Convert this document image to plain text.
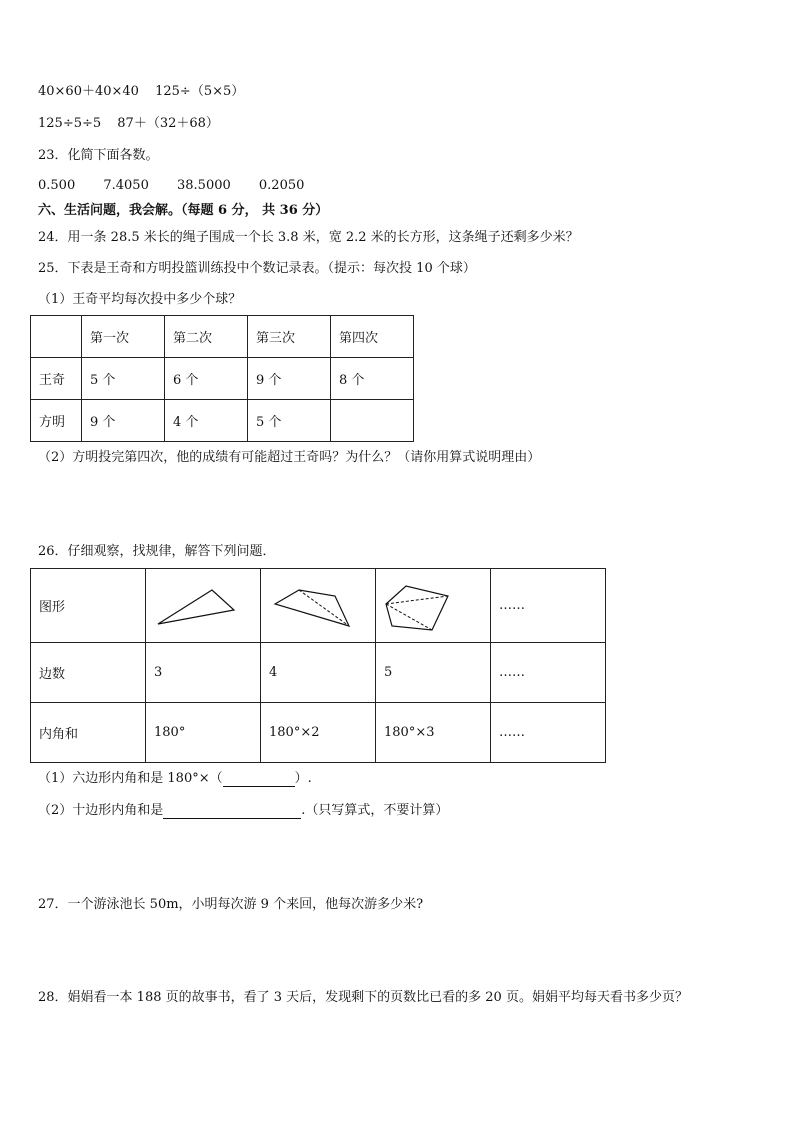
40×60＋40×40 125÷（5×5）
125÷5÷5 87＋（32＋68）
23．化简下面各数。
0.500 7.4050 38.5000 0.2050
六、生活问题，我会解。（每题 6 分， 共 36 分）
24．用一条 28.5 米长的绳子围成一个长 3.8 米，宽 2.2 米的长方形，这条绳子还剩多少米？
25．下表是王奇和方明投篮训练投中个数记录表。（提示：每次投 10 个球）
（1）王奇平均每次投中多少个球？
	第一次	第二次	第三次	第四次
王奇	5 个	6 个	9 个	8 个
方明	9 个	4 个	5 个	
（2）方明投完第四次，他的成绩有可能超过王奇吗？为什么？（请你用算式说明理由）
26．仔细观察，找规律，解答下列问题．
图形				……
边数	3	4	5	……
内角和	180°	180°×2	180°×3	……
（1）六边形内角和是 180°×（	）.
（2）十边形内角和是	.（只写算式，不要计算）
27．一个游泳池长 50m，小明每次游 9 个来回，他每次游多少米?
28．娟娟看一本 188 页的故事书，看了 3 天后，发现剩下的页数比已看的多 20 页。娟娟平均每天看书多少页？
